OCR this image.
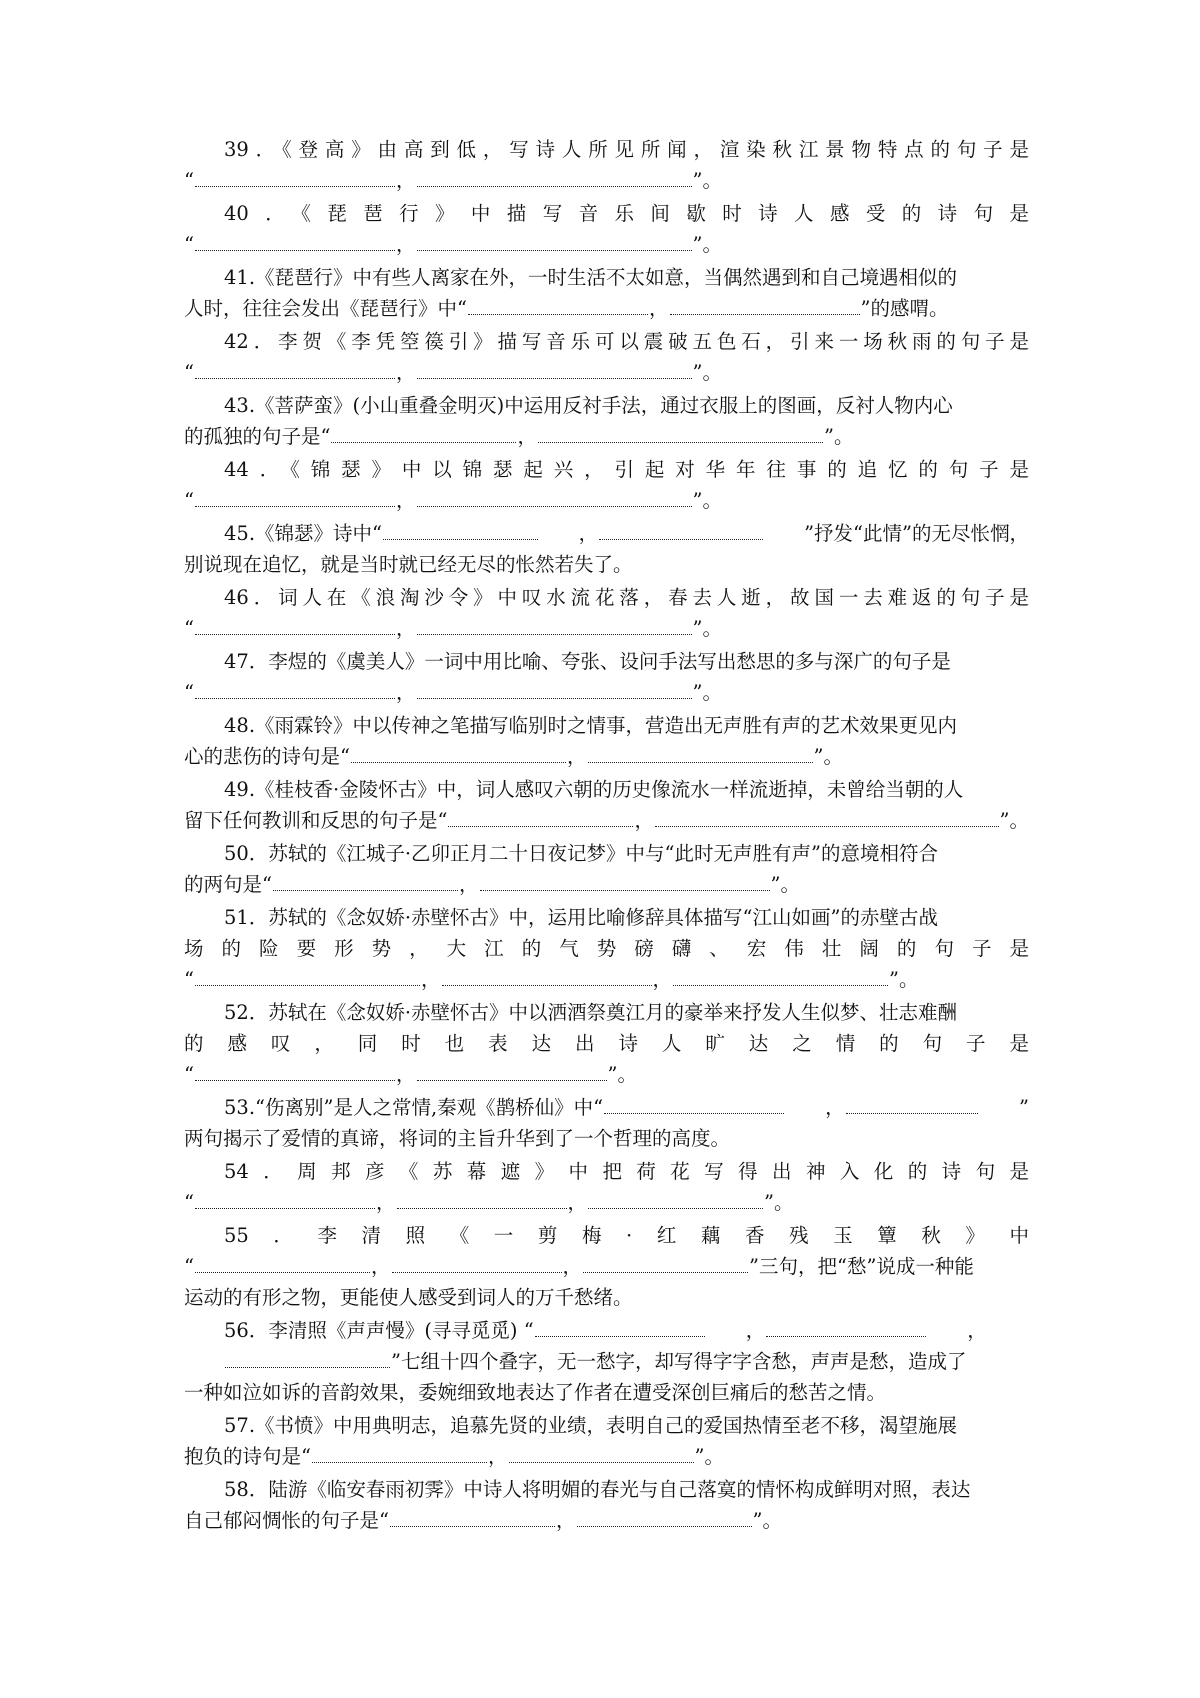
39．《登高》由高到低，写诗人所见所闻，渲染秋江景物特点的句子是
“	，	”。
40．《琵琶行》中描写音乐间歇时诗人感受的诗句是
“	，	”。
41.《琵琶行》中有些人离家在外，一时生活不太如意，当偶然遇到和自己境遇相似的
人时，往往会发出《琵琶行》中“	，	”的感喟。
42．李贺《李凭箜篌引》描写音乐可以震破五色石，引来一场秋雨的句子是
“	，	”。
43.《菩萨蛮》(小山重叠金明灭)中运用反衬手法，通过衣服上的图画，反衬人物内心
的孤独的句子是“	，	”。
44．《锦瑟》中以锦瑟起兴，引起对华年往事的追忆的句子是
“	，	”。
45.《锦瑟》诗中“	，	”抒发“此情”的无尽怅惘，
别说现在追忆，就是当时就已经无尽的怅然若失了。
46．词人在《浪淘沙令》中叹水流花落，春去人逝，故国一去难返的句子是
“	，	”。
47．李煜的《虞美人》一词中用比喻、夸张、设问手法写出愁思的多与深广的句子是
“	，	”。
48.《雨霖铃》中以传神之笔描写临别时之情事，营造出无声胜有声的艺术效果更见内
心的悲伤的诗句是“	，	”。
49.《桂枝香·金陵怀古》中，词人感叹六朝的历史像流水一样流逝掉，未曾给当朝的人
留下任何教训和反思的句子是“	，	”。
50．苏轼的《江城子·乙卯正月二十日夜记梦》中与“此时无声胜有声”的意境相符合
的两句是“	，	”。
51．苏轼的《念奴娇·赤壁怀古》中，运用比喻修辞具体描写“江山如画”的赤壁古战
场的险要形势，大江的气势磅礴、宏伟壮阔的句子是
“	，	，	”。
52．苏轼在《念奴娇·赤壁怀古》中以洒酒祭奠江月的豪举来抒发人生似梦、壮志难酬
的感叹，同时也表达出诗人旷达之情的句子是
“	，	”。
53.“伤离别”是人之常情,秦观《鹊桥仙》中“	，	”
两句揭示了爱情的真谛，将词的主旨升华到了一个哲理的高度。
54．周邦彦《苏幕遮》中把荷花写得出神入化的诗句是
“	，	，	”。
55．李清照《一剪梅·红藕香残玉簟秋》中
“	，	，	”三句，把“愁”说成一种能
运动的有形之物，更能使人感受到词人的万千愁绪。
56．李清照《声声慢》(寻寻觅觅) “	，	，
”七组十四个叠字，无一愁字，却写得字字含愁，声声是愁，造成了
一种如泣如诉的音韵效果，委婉细致地表达了作者在遭受深创巨痛后的愁苦之情。
57.《书愤》中用典明志，追慕先贤的业绩，表明自己的爱国热情至老不移，渴望施展
抱负的诗句是“	，	”。
58．陆游《临安春雨初霁》中诗人将明媚的春光与自己落寞的情怀构成鲜明对照，表达
自己郁闷惆怅的句子是“	，	”。
